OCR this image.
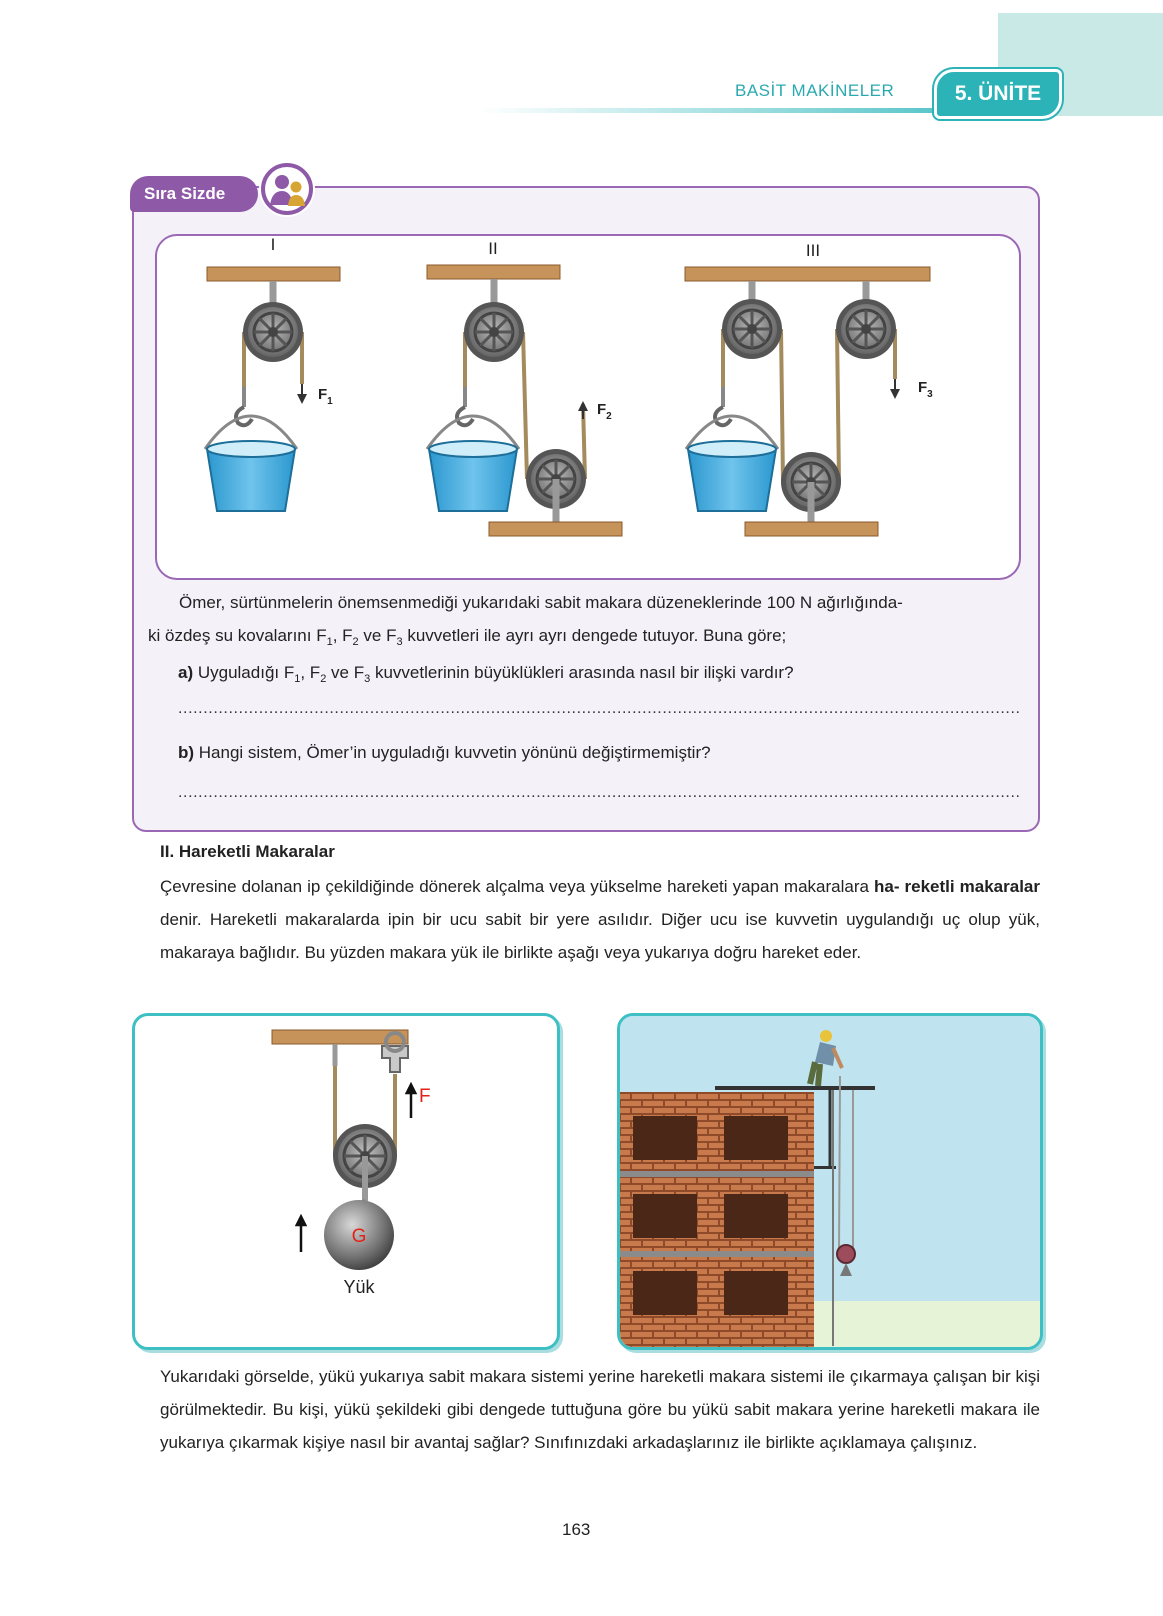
BASİT MAKİNELER	5. ÜNİTE
Sıra Sizde
I	II	III
$F_1$	$F_2$
$F_3$
Ömer, sürtünmelerin önemsenmediği yukarıdaki sabit makara düzeneklerinde 100 N ağırlığında-
ki özdeş su kovalarını $F_1$, $F_2$ ve $F_3$ kuvvetleri ile ayrı ayrı dengede tutuyor. Buna göre;
a) Uyguladığı $F_1$, $F_2$ ve $F_3$ kuvvetlerinin büyüklükleri arasında nasıl bir ilişki vardır?
.......................................................................................................................................................................
b) Hangi sistem, Ömer’in uyguladığı kuvvetin yönünü değiştirmemiştir?
.......................................................................................................................................................................
II. Hareketli Makaralar
Çevresine dolanan ip çekildiğinde dönerek alçalma veya yükselme hareketi yapan makaralara ha- reketli makaralar denir. Hareketli makaralarda ipin bir ucu sabit bir yere asılıdır. Diğer ucu ise kuvvetin uygulandığı uç olup yük, makaraya bağlıdır. Bu yüzden makara yük ile birlikte aşağı veya yukarıya doğru hareket eder.
G
F
Yük
Yukarıdaki görselde, yükü yukarıya sabit makara sistemi yerine hareketli makara sistemi ile çıkarmaya çalışan bir kişi görülmektedir. Bu kişi, yükü şekildeki gibi dengede tuttuğuna göre bu yükü sabit makara yerine hareketli makara ile yukarıya çıkarmak kişiye nasıl bir avantaj sağlar? Sınıfınızdaki arkadaşlarınız ile birlikte açıklamaya çalışınız.
163
